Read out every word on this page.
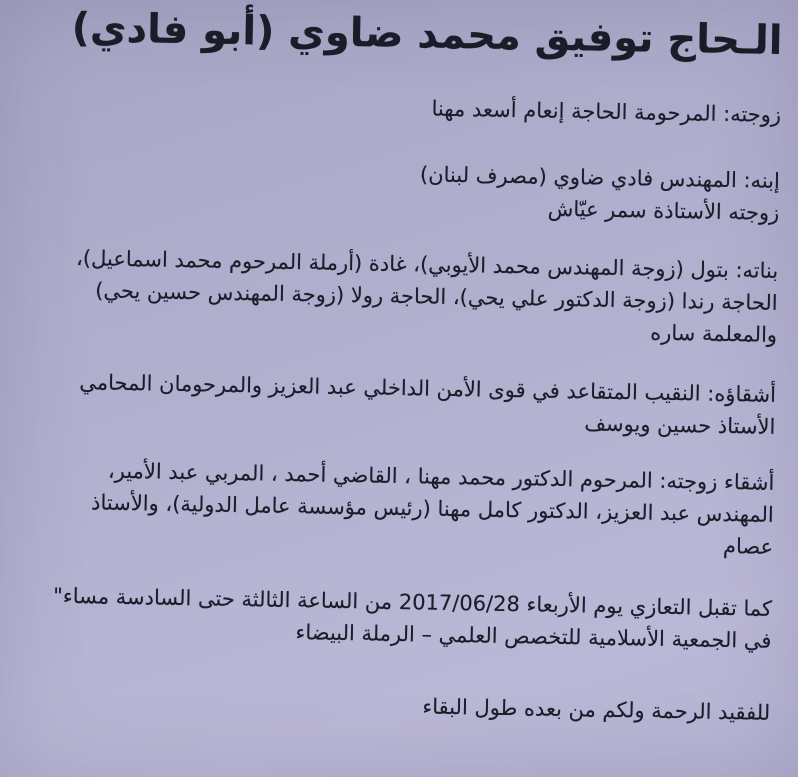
الـحاج توفيق محمد ضاوي (أبو فادي)

زوجته: المرحومة الحاجة إنعام أسعد مهنا

إبنه: المهندس فادي ضاوي (مصرف لبنان)
زوجته الأستاذة سمر عيّاش

بناته: بتول (زوجة المهندس محمد الأيوبي)، غادة (أرملة المرحوم محمد اسماعيل)،
الحاجة رندا (زوجة الدكتور علي يحي)، الحاجة رولا (زوجة المهندس حسين يحي)
والمعلمة ساره

أشقاؤه: النقيب المتقاعد في قوى الأمن الداخلي عبد العزيز والمرحومان المحامي
الأستاذ حسين ويوسف

أشقاء زوجته: المرحوم الدكتور محمد مهنا ، القاضي أحمد ، المربي عبد الأمير،
المهندس عبد العزيز، الدكتور كامل مهنا (رئيس مؤسسة عامل الدولية)، والأستاذ
عصام

كما تقبل التعازي يوم الأربعاء 2017/06/28 من الساعة الثالثة حتى السادسة مساء"
في الجمعية الأسلامية للتخصص العلمي – الرملة البيضاء

للفقيد الرحمة ولكم من بعده طول البقاء
